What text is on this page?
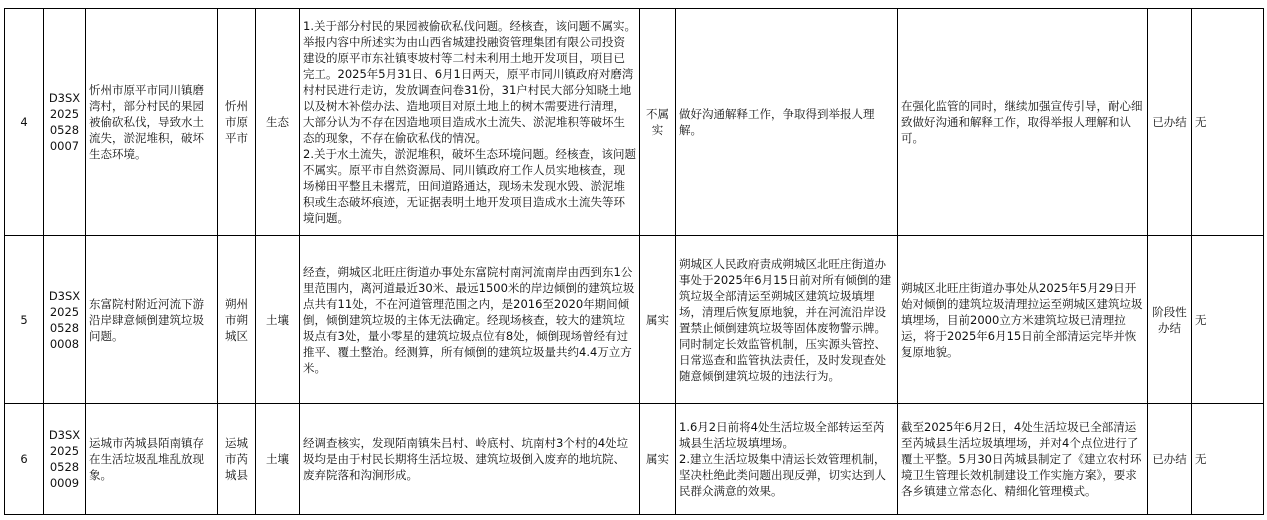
4	D3SX202505280007	忻州市原平市同川镇磨湾村，部分村民的果园被偷砍私伐，导致水土流失，淤泥堆积，破坏生态环境。	忻州市原平市	生态	1.关于部分村民的果园被偷砍私伐问题。经核查，该问题不属实。举报内容中所述实为由山西省城建投融资管理集团有限公司投资建设的原平市东社镇枣坡村等二村未利用土地开发项目，项目已完工。2025年5月31日、6月1日两天，原平市同川镇政府对磨湾村村民进行走访，发放调查问卷31份，31户村民大部分知晓土地以及树木补偿办法、造地项目对原土地上的树木需要进行清理，大部分认为不存在因造地项目造成水土流失、淤泥堆积等破坏生态的现象，不存在偷砍私伐的情况。
2.关于水土流失，淤泥堆积，破坏生态环境问题。经核查，该问题不属实。原平市自然资源局、同川镇政府工作人员实地核查，现场梯田平整且未撂荒，田间道路通达，现场未发现水毁、淤泥堆积或生态破坏痕迹，无证据表明土地开发项目造成水土流失等环境问题。	不属实	做好沟通解释工作，争取得到举报人理解。	在强化监管的同时，继续加强宣传引导，耐心细致做好沟通和解释工作，取得举报人理解和认可。	已办结	无
5	D3SX202505280008	东富院村附近河流下游沿岸肆意倾倒建筑垃圾问题。	朔州市朔城区	土壤	经查，朔城区北旺庄街道办事处东富院村南河流南岸由西到东1公里范围内，离河道最近30米、最远1500米的岸边倾倒的建筑垃圾点共有11处，不在河道管理范围之内，是2016至2020年期间倾倒，倾倒建筑垃圾的主体无法确定。经现场核查，较大的建筑垃圾点有3处，量小零星的建筑垃圾点位有8处，倾倒现场曾经有过推平、覆土整治。经测算，所有倾倒的建筑垃圾量共约4.4万立方米。	属实	朔城区人民政府责成朔城区北旺庄街道办事处于2025年6月15日前对所有倾倒的建筑垃圾全部清运至朔城区建筑垃圾填埋场，清理后恢复原地貌，并在河流沿岸设置禁止倾倒建筑垃圾等固体废物警示牌。同时制定长效监管机制，压实源头管控、日常巡查和监管执法责任，及时发现查处随意倾倒建筑垃圾的违法行为。	朔城区北旺庄街道办事处从2025年5月29日开始对倾倒的建筑垃圾清理拉运至朔城区建筑垃圾填埋场，目前2000立方米建筑垃圾已清理拉运，将于2025年6月15日前全部清运完毕并恢复原地貌。	阶段性办结	无
6	D3SX202505280009	运城市芮城县陌南镇存在生活垃圾乱堆乱放现象。	运城市芮城县	土壤	经调查核实，发现陌南镇朱吕村、岭底村、坑南村3个村的4处垃圾均是由于村民长期将生活垃圾、建筑垃圾倒入废弃的地坑院、废弃院落和沟涧形成。	属实	1.6月2日前将4处生活垃圾全部转运至芮城县生活垃圾填埋场。
2.建立生活垃圾集中清运长效管理机制，坚决杜绝此类问题出现反弹，切实达到人民群众满意的效果。	截至2025年6月2日，4处生活垃圾已全部清运至芮城县生活垃圾填埋场，并对4个点位进行了覆土平整。5月30日芮城县制定了《建立农村环境卫生管理长效机制建设工作实施方案》，要求各乡镇建立常态化、精细化管理模式。	已办结	无
